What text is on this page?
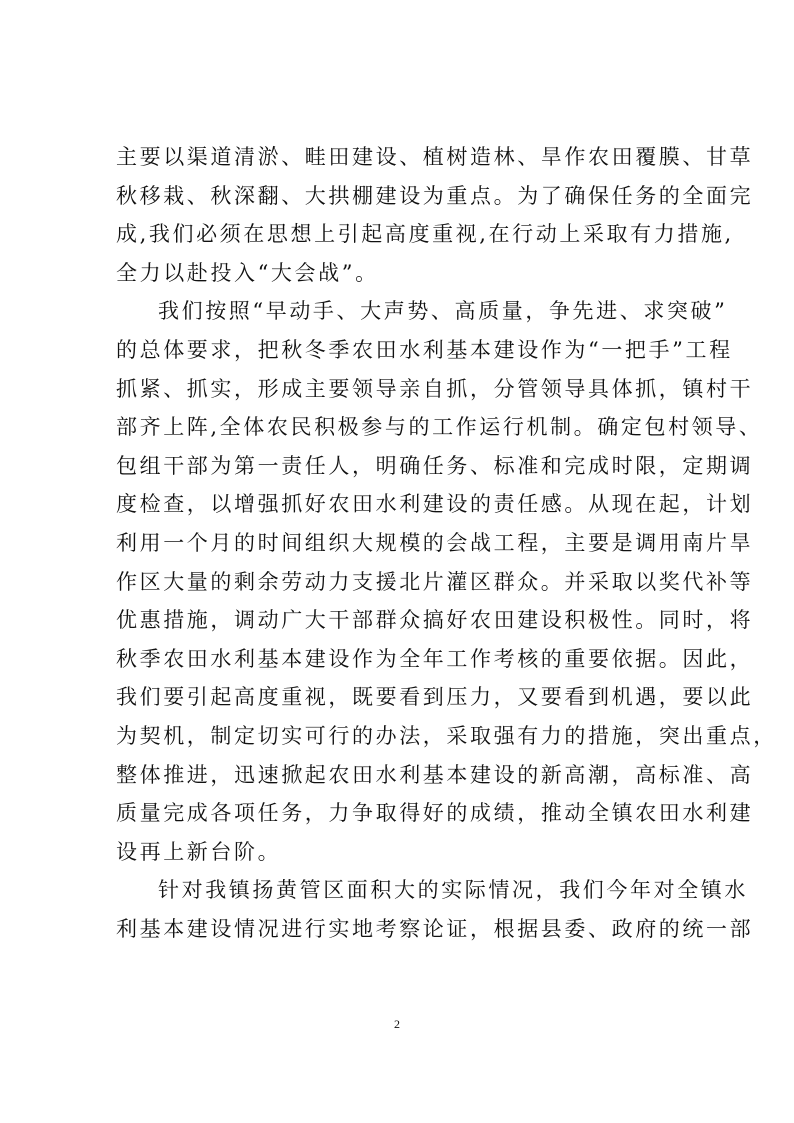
主要以渠道清淤、畦田建设、植树造林、旱作农田覆膜、甘草
秋移栽、秋深翻、大拱棚建设为重点。为了确保任务的全面完
成,我们必须在思想上引起高度重视,在行动上采取有力措施,
全力以赴投入“大会战”。
我们按照“早动手、大声势、高质量，争先进、求突破”
的总体要求，把秋冬季农田水利基本建设作为“一把手”工程
抓紧、抓实，形成主要领导亲自抓，分管领导具体抓，镇村干
部齐上阵,全体农民积极参与的工作运行机制。确定包村领导、
包组干部为第一责任人，明确任务、标准和完成时限，定期调
度检查，以增强抓好农田水利建设的责任感。从现在起，计划
利用一个月的时间组织大规模的会战工程，主要是调用南片旱
作区大量的剩余劳动力支援北片灌区群众。并采取以奖代补等
优惠措施，调动广大干部群众搞好农田建设积极性。同时，将
秋季农田水利基本建设作为全年工作考核的重要依据。因此，
我们要引起高度重视，既要看到压力，又要看到机遇，要以此
为契机，制定切实可行的办法，采取强有力的措施，突出重点，
整体推进，迅速掀起农田水利基本建设的新高潮，高标准、高
质量完成各项任务，力争取得好的成绩，推动全镇农田水利建
设再上新台阶。
针对我镇扬黄管区面积大的实际情况，我们今年对全镇水
利基本建设情况进行实地考察论证，根据县委、政府的统一部
2
